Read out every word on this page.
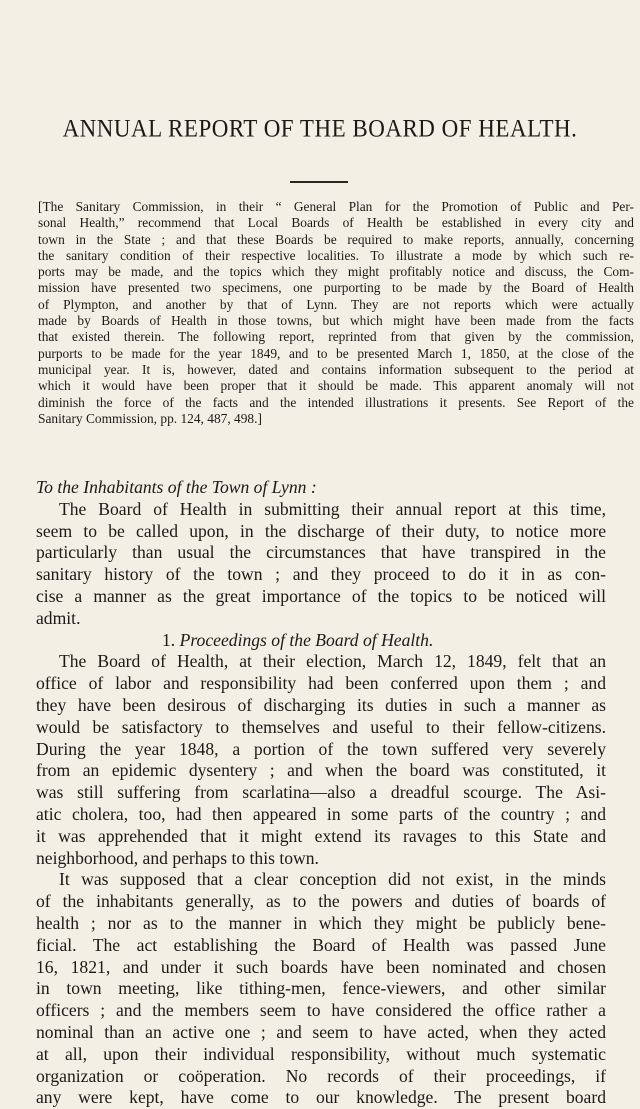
ANNUAL REPORT OF THE BOARD OF HEALTH.
[The Sanitary Commission, in their “ General Plan for the Promotion of Public and Per-
sonal Health,” recommend that Local Boards of Health be established in every city and
town in the State ; and that these Boards be required to make reports, annually, concerning
the sanitary condition of their respective localities. To illustrate a mode by which such re-
ports may be made, and the topics which they might profitably notice and discuss, the Com-
mission have presented two specimens, one purporting to be made by the Board of Health
of Plympton, and another by that of Lynn. They are not reports which were actually
made by Boards of Health in those towns, but which might have been made from the facts
that existed therein. The following report, reprinted from that given by the commission,
purports to be made for the year 1849, and to be presented March 1, 1850, at the close of the
municipal year. It is, however, dated and contains information subsequent to the period at
which it would have been proper that it should be made. This apparent anomaly will not
diminish the force of the facts and the intended illustrations it presents. See Report of the
Sanitary Commission, pp. 124, 487, 498.]
To the Inhabitants of the Town of Lynn :
The Board of Health in submitting their annual report at this time,
seem to be called upon, in the discharge of their duty, to notice more
particularly than usual the circumstances that have transpired in the
sanitary history of the town ; and they proceed to do it in as con-
cise a manner as the great importance of the topics to be noticed will
admit.
1. Proceedings of the Board of Health.
The Board of Health, at their election, March 12, 1849, felt that an
office of labor and responsibility had been conferred upon them ; and
they have been desirous of discharging its duties in such a manner as
would be satisfactory to themselves and useful to their fellow-citizens.
During the year 1848, a portion of the town suffered very severely
from an epidemic dysentery ; and when the board was constituted, it
was still suffering from scarlatina—also a dreadful scourge. The Asi-
atic cholera, too, had then appeared in some parts of the country ; and
it was apprehended that it might extend its ravages to this State and
neighborhood, and perhaps to this town.
It was supposed that a clear conception did not exist, in the minds
of the inhabitants generally, as to the powers and duties of boards of
health ; nor as to the manner in which they might be publicly bene-
ficial. The act establishing the Board of Health was passed June
16, 1821, and under it such boards have been nominated and chosen
in town meeting, like tithing-men, fence-viewers, and other similar
officers ; and the members seem to have considered the office rather a
nominal than an active one ; and seem to have acted, when they acted
at all, upon their individual responsibility, without much systematic
organization or coöperation. No records of their proceedings, if
any were kept, have come to our knowledge. The present board
